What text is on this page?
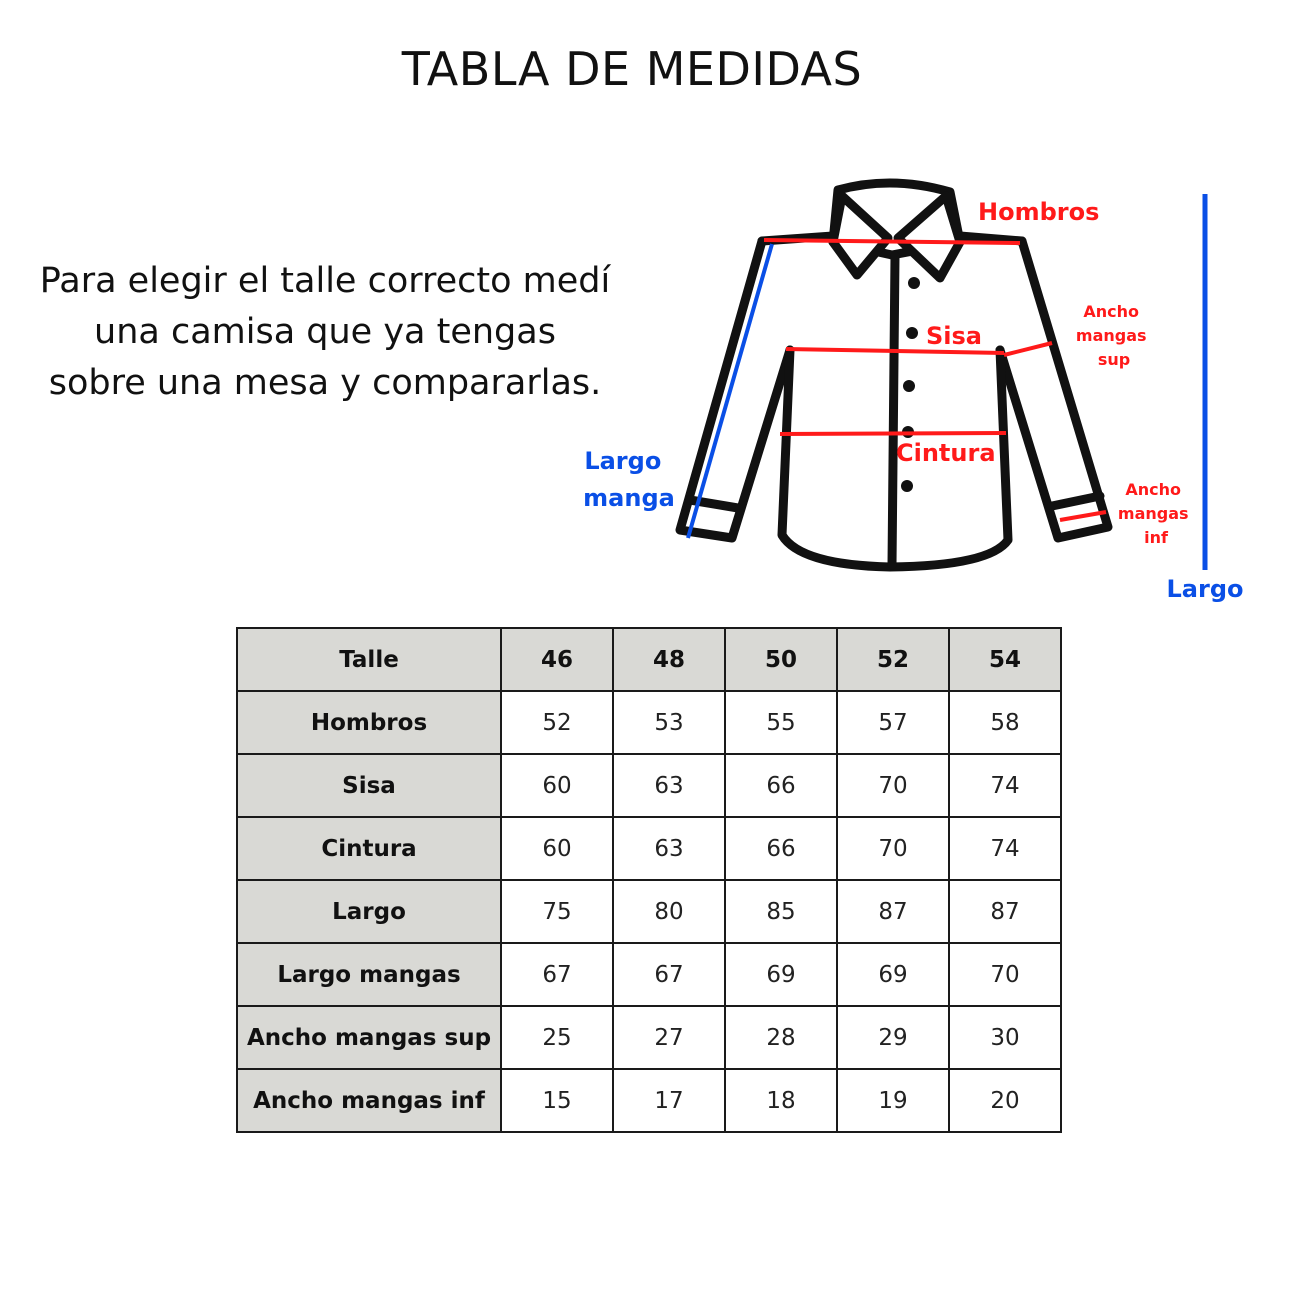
TABLA DE MEDIDAS

Para elegir el talle correcto medí
una camisa que ya tengas
sobre una mesa y compararlas.

Hombros
Sisa
Cintura
Ancho mangas sup
Ancho mangas inf
Largo manga
Largo
Talle	46	48	50	52	54
Hombros	52	53	55	57	58
Sisa	60	63	66	70	74
Cintura	60	63	66	70	74
Largo	75	80	85	87	87
Largo mangas	67	67	69	69	70
Ancho mangas sup	25	27	28	29	30
Ancho mangas inf	15	17	18	19	20
